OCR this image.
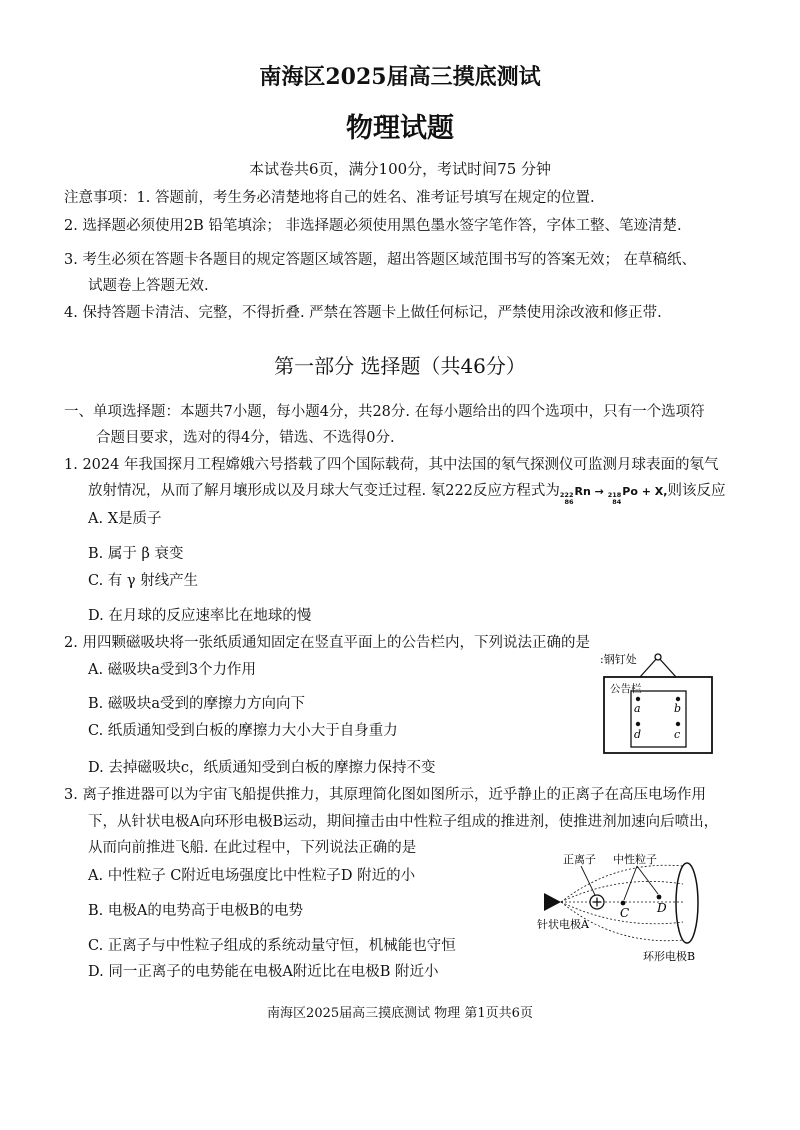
南海区2025届高三摸底测试
物理试题
本试卷共6页，满分100分，考试时间75 分钟
注意事项：1. 答题前，考生务必清楚地将自己的姓名、准考证号填写在规定的位置.
2. 选择题必须使用2B 铅笔填涂； 非选择题必须使用黑色墨水签字笔作答，字体工整、笔迹清楚.
3. 考生必须在答题卡各题目的规定答题区域答题，超出答题区域范围书写的答案无效； 在草稿纸、
试题卷上答题无效.
4. 保持答题卡清洁、完整，不得折叠. 严禁在答题卡上做任何标记，严禁使用涂改液和修正带.
第一部分 选择题（共46分）
一、单项选择题：本题共7小题，每小题4分，共28分. 在每小题给出的四个选项中，只有一个选项符
合题目要求，选对的得4分，错选、不选得0分.
1. 2024 年我国探月工程嫦娥六号搭载了四个国际载荷，其中法国的氡气探测仪可监测月球表面的氡气
放射情况，从而了解月壤形成以及月球大气变迁过程. 氡222反应方程式为 222
86
Rn → 218
84
Po + X,则该反应
A. X是质子
B. 属于 β 衰变
C. 有 γ 射线产生
D. 在月球的反应速率比在地球的慢
2. 用四颗磁吸块将一张纸质通知固定在竖直平面上的公告栏内，下列说法正确的是
A. 磁吸块a受到3个力作用
B. 磁吸块a受到的摩擦力方向向下
C. 纸质通知受到白板的摩擦力大小大于自身重力
D. 去掉磁吸块c，纸质通知受到白板的摩擦力保持不变
:钢钉处
公告栏
a	b
d	c
3. 离子推进器可以为宇宙飞船提供推力，其原理简化图如图所示，近乎静止的正离子在高压电场作用
下，从针状电极A向环形电极B运动，期间撞击由中性粒子组成的推进剂，使推进剂加速向后喷出，
从而向前推进飞船. 在此过程中，下列说法正确的是
A. 中性粒子 C附近电场强度比中性粒子D 附近的小
B. 电极A的电势高于电极B的电势
C. 正离子与中性粒子组成的系统动量守恒，机械能也守恒
D. 同一正离子的电势能在电极A附近比在电极B 附近小
正离子 中性粒子
C D
针状电极A
环形电极B
南海区2025届高三摸底测试 物理 第1页共6页
